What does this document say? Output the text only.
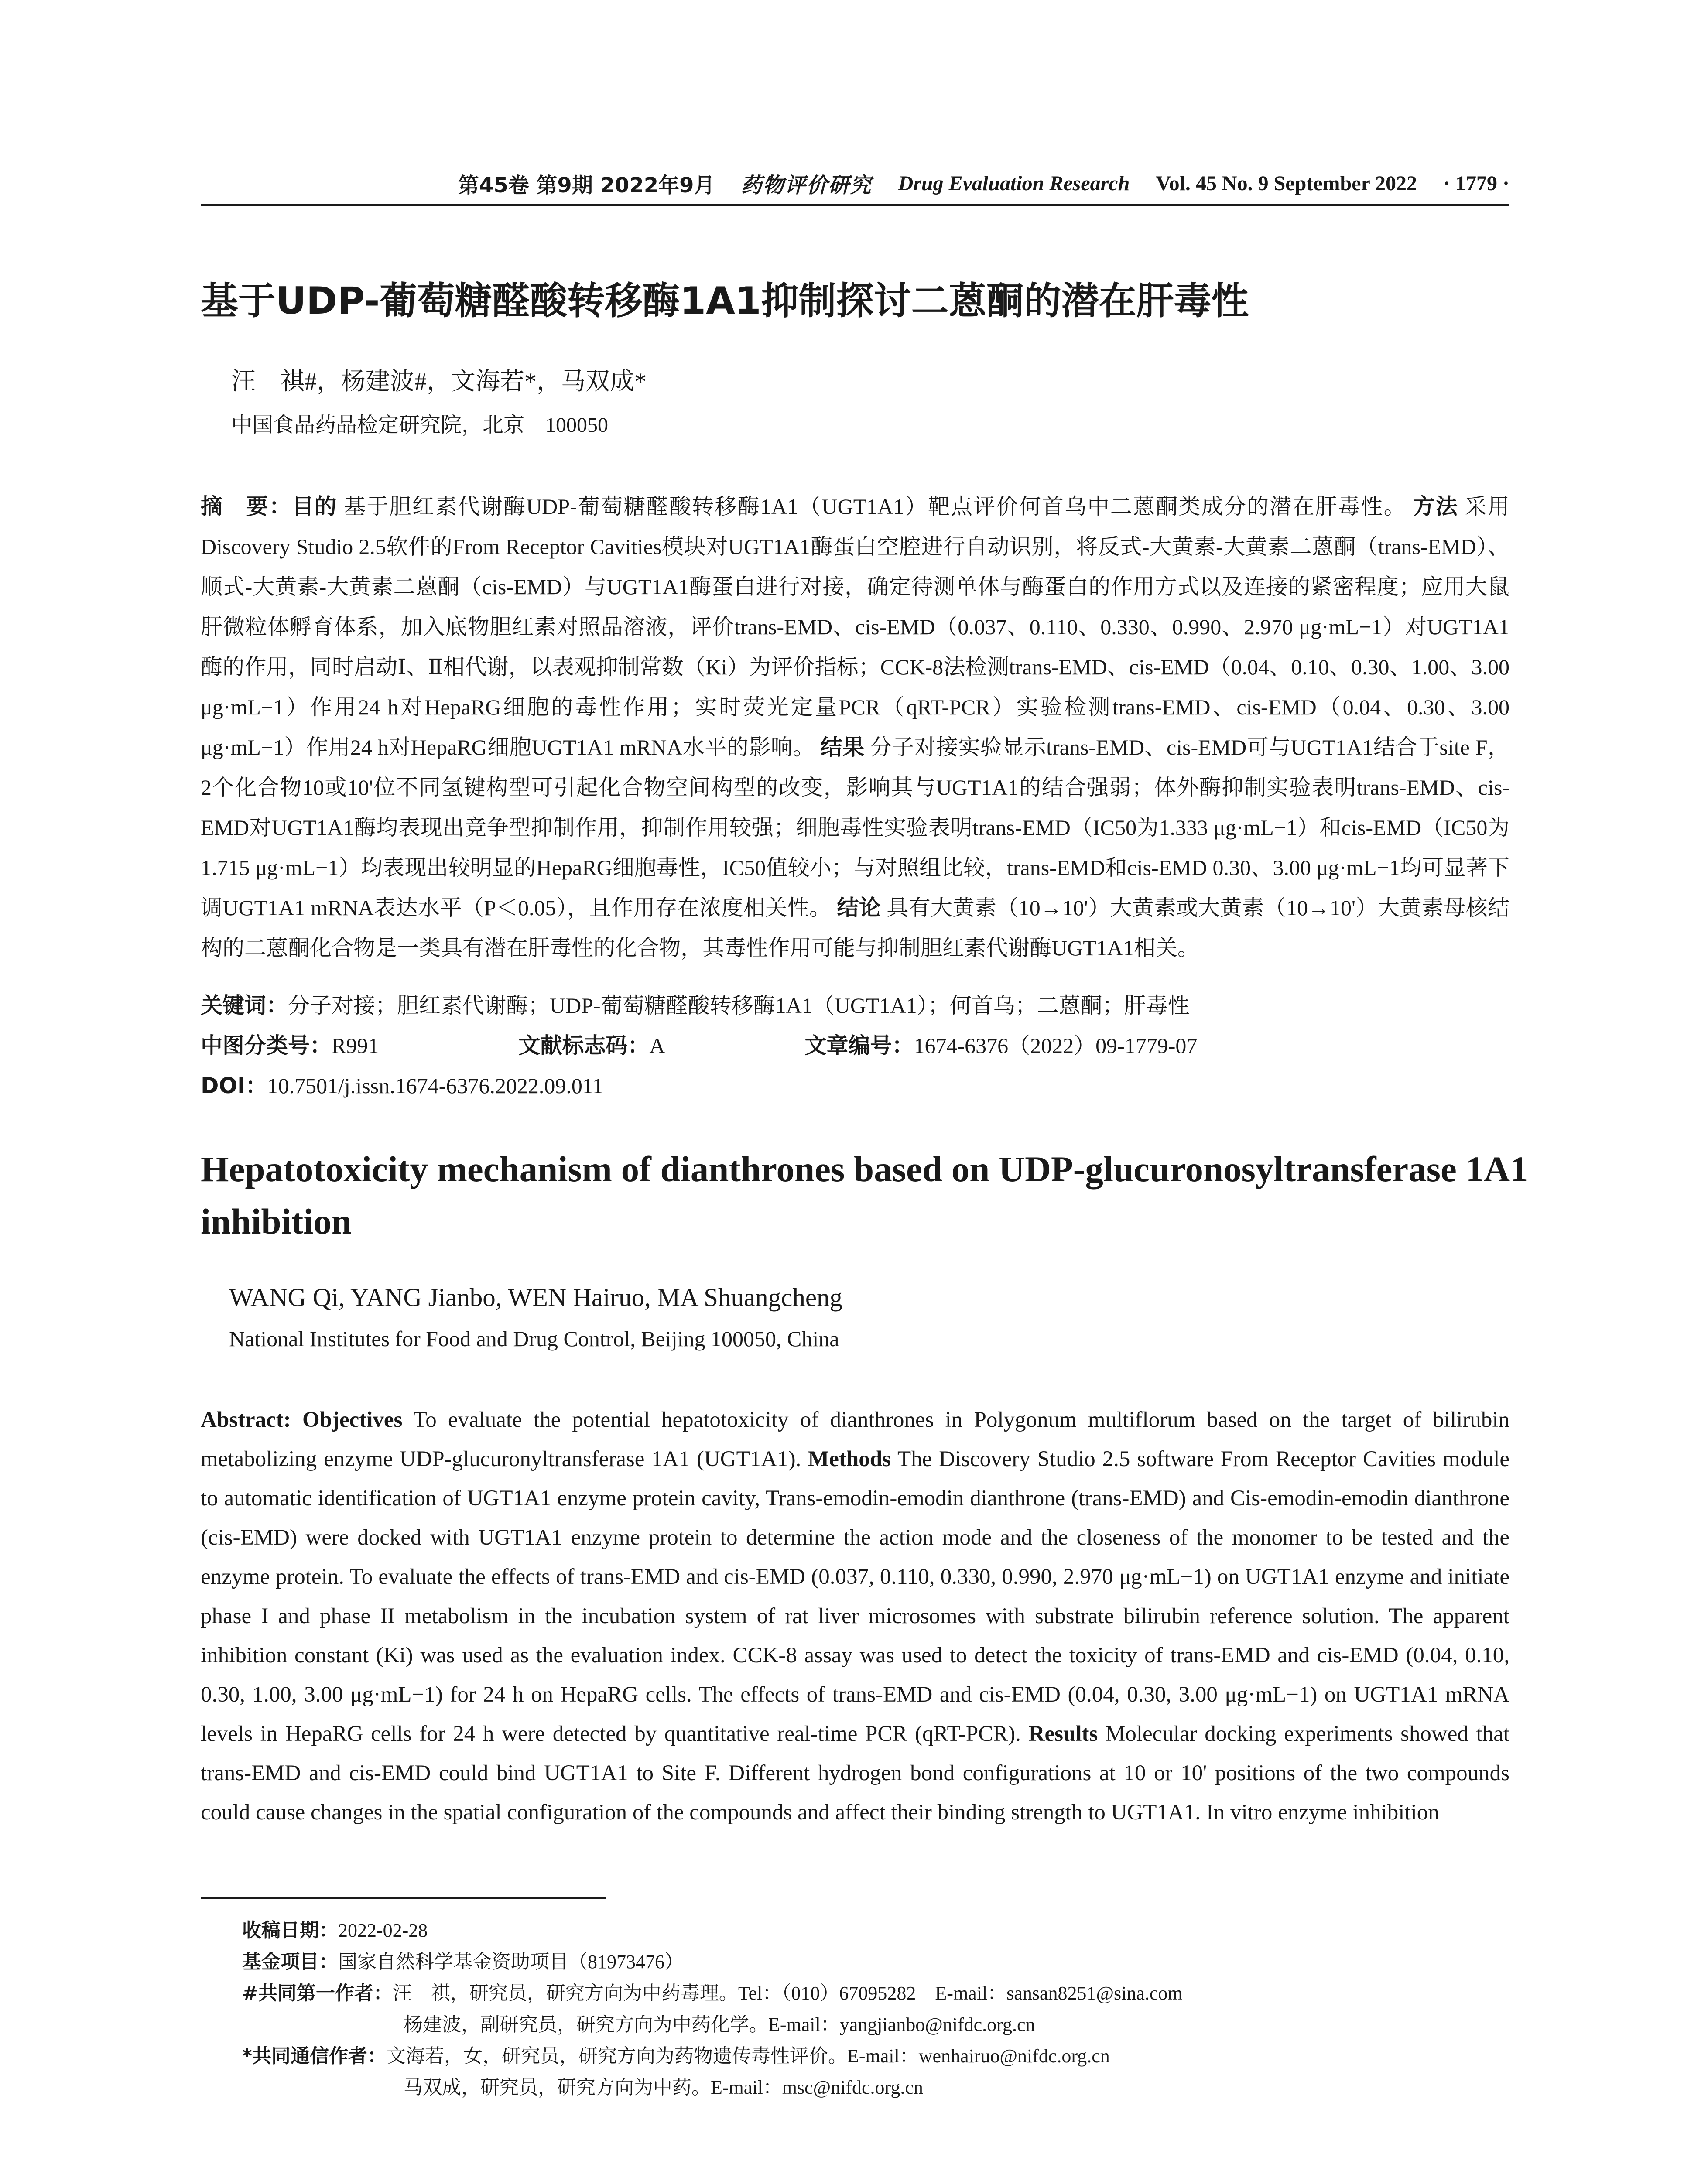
第45卷 第9期 2022年9月 药物评价研究 Drug Evaluation Research Vol. 45 No. 9 September 2022 · 1779 ·
基于UDP-葡萄糖醛酸转移酶1A1抑制探讨二蒽酮的潜在肝毒性
汪　祺#，杨建波#，文海若*，马双成*
中国食品药品检定研究院，北京　100050
摘　要：目的 基于胆红素代谢酶UDP-葡萄糖醛酸转移酶1A1（UGT1A1）靶点评价何首乌中二蒽酮类成分的潜在肝毒性。 方法 采用Discovery Studio 2.5软件的From Receptor Cavities模块对UGT1A1酶蛋白空腔进行自动识别，将反式-大黄素-大黄素二蒽酮（trans-EMD）、顺式-大黄素-大黄素二蒽酮（cis-EMD）与UGT1A1酶蛋白进行对接，确定待测单体与酶蛋白的作用方式以及连接的紧密程度；应用大鼠肝微粒体孵育体系，加入底物胆红素对照品溶液，评价trans-EMD、cis-EMD（0.037、0.110、0.330、0.990、2.970 μg·mL−1）对UGT1A1酶的作用，同时启动Ⅰ、Ⅱ相代谢，以表观抑制常数（Ki）为评价指标；CCK-8法检测trans-EMD、cis-EMD（0.04、0.10、0.30、1.00、3.00 μg·mL−1）作用24 h对HepaRG细胞的毒性作用；实时荧光定量PCR（qRT-PCR）实验检测trans-EMD、cis-EMD（0.04、0.30、3.00 μg·mL−1）作用24 h对HepaRG细胞UGT1A1 mRNA水平的影响。 结果 分子对接实验显示trans-EMD、cis-EMD可与UGT1A1结合于site F，2个化合物10或10'位不同氢键构型可引起化合物空间构型的改变，影响其与UGT1A1的结合强弱；体外酶抑制实验表明trans-EMD、cis-EMD对UGT1A1酶均表现出竞争型抑制作用，抑制作用较强；细胞毒性实验表明trans-EMD（IC50为1.333 μg·mL−1）和cis-EMD（IC50为1.715 μg·mL−1）均表现出较明显的HepaRG细胞毒性，IC50值较小；与对照组比较，trans-EMD和cis-EMD 0.30、3.00 μg·mL−1均可显著下调UGT1A1 mRNA表达水平（P＜0.05），且作用存在浓度相关性。 结论 具有大黄素（10→10'）大黄素或大黄素（10→10'）大黄素母核结构的二蒽酮化合物是一类具有潜在肝毒性的化合物，其毒性作用可能与抑制胆红素代谢酶UGT1A1相关。
关键词：分子对接；胆红素代谢酶；UDP-葡萄糖醛酸转移酶1A1（UGT1A1）；何首乌；二蒽酮；肝毒性
中图分类号：R991	文献标志码：A	文章编号：1674-6376（2022）09-1779-07
DOI：10.7501/j.issn.1674-6376.2022.09.011
Hepatotoxicity mechanism of dianthrones based on UDP-glucuronosyltransferase 1A1 inhibition
WANG Qi, YANG Jianbo, WEN Hairuo, MA Shuangcheng
National Institutes for Food and Drug Control, Beijing 100050, China
Abstract: Objectives To evaluate the potential hepatotoxicity of dianthrones in Polygonum multiflorum based on the target of bilirubin metabolizing enzyme UDP-glucuronyltransferase 1A1 (UGT1A1). Methods The Discovery Studio 2.5 software From Receptor Cavities module to automatic identification of UGT1A1 enzyme protein cavity, Trans-emodin-emodin dianthrone (trans-EMD) and Cis-emodin-emodin dianthrone (cis-EMD) were docked with UGT1A1 enzyme protein to determine the action mode and the closeness of the monomer to be tested and the enzyme protein. To evaluate the effects of trans-EMD and cis-EMD (0.037, 0.110, 0.330, 0.990, 2.970 μg·mL−1) on UGT1A1 enzyme and initiate phase I and phase II metabolism in the incubation system of rat liver microsomes with substrate bilirubin reference solution. The apparent inhibition constant (Ki) was used as the evaluation index. CCK-8 assay was used to detect the toxicity of trans-EMD and cis-EMD (0.04, 0.10, 0.30, 1.00, 3.00 μg·mL−1) for 24 h on HepaRG cells. The effects of trans-EMD and cis-EMD (0.04, 0.30, 3.00 μg·mL−1) on UGT1A1 mRNA levels in HepaRG cells for 24 h were detected by quantitative real-time PCR (qRT-PCR). Results Molecular docking experiments showed that trans-EMD and cis-EMD could bind UGT1A1 to Site F. Different hydrogen bond configurations at 10 or 10' positions of the two compounds could cause changes in the spatial configuration of the compounds and affect their binding strength to UGT1A1. In vitro enzyme inhibition
收稿日期： 2022-02-28
基金项目： 国家自然科学基金资助项目（81973476）
#共同第一作者： 汪　祺，研究员，研究方向为中药毒理。Tel：（010）67095282　E-mail：sansan8251@sina.com
杨建波，副研究员，研究方向为中药化学。E-mail：yangjianbo@nifdc.org.cn
*共同通信作者： 文海若，女，研究员，研究方向为药物遗传毒性评价。E-mail：wenhairuo@nifdc.org.cn
马双成，研究员，研究方向为中药。E-mail：msc@nifdc.org.cn
